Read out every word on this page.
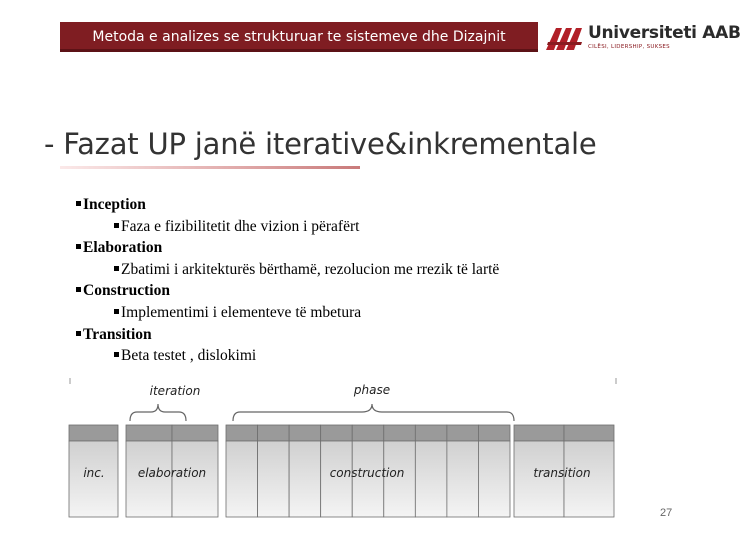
Metoda e analizes se strukturuar te sistemeve dhe Dizajnit	Universiteti AAB
CILËSI, LIDERSHIP, SUKSES
- Fazat UP janë iterative&inkrementale
Inception
Faza e fizibilitetit dhe vizion i përafërt
Elaboration
Zbatimi i arkitekturës bërthamë, rezolucion me rrezik të lartë
Construction
Implementimi i elementeve të mbetura
Transition
Beta testet , dislokimi
iteration	phase
inc.	elaboration	construction	transition
27
